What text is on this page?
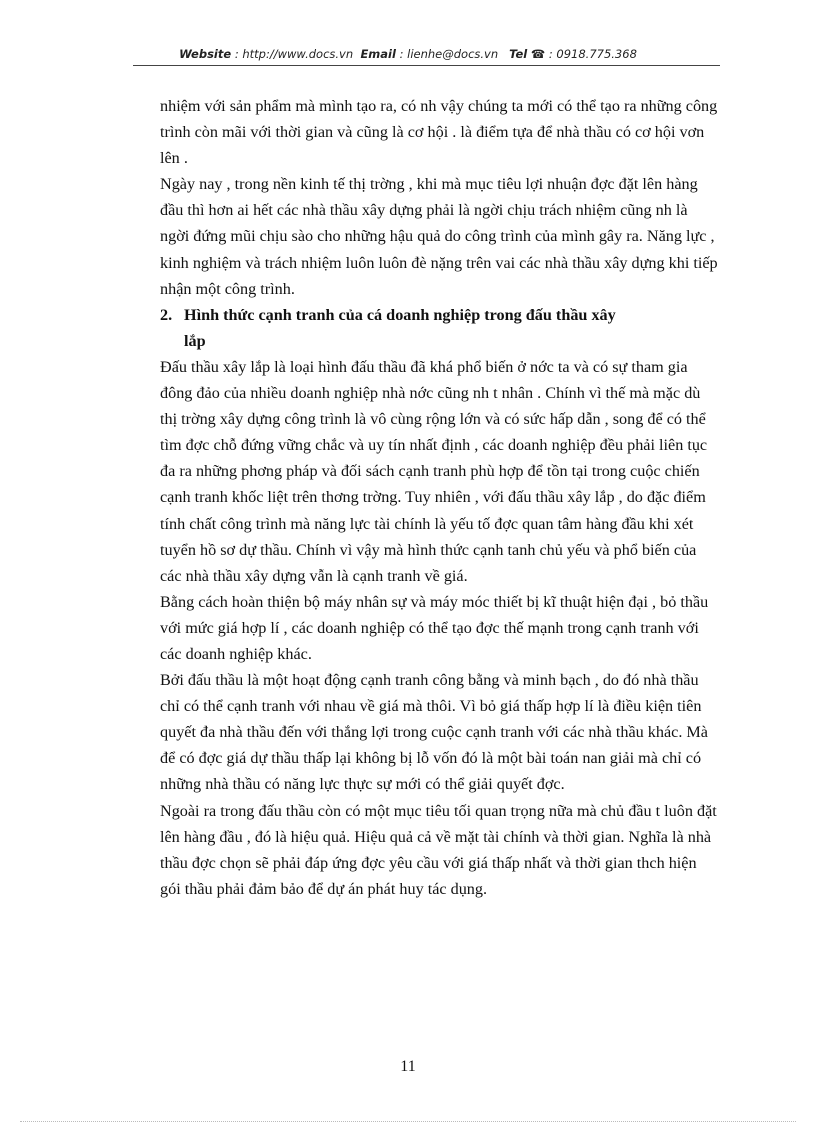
Website : http://www.docs.vn Email : lienhe@docs.vn Tel ☎ : 0918.775.368

nhiệm với sản phẩm mà mình tạo ra, có nh vậy chúng ta mới có thể tạo ra những công trình còn mãi với thời gian và cũng là cơ hội . là điểm tựa để nhà thầu có cơ hội vơn lên .

Ngày nay , trong nền kinh tế thị trờng , khi mà mục tiêu lợi nhuận đợc đặt lên hàng đầu thì hơn ai hết các nhà thầu xây dựng phải là ngời chịu trách nhiệm cũng nh là ngời đứng mũi chịu sào cho những hậu quả do công trình của mình gây ra. Năng lực , kinh nghiệm và trách nhiệm luôn luôn đè nặng trên vai các nhà thầu xây dựng khi tiếp nhận một công trình.

2. Hình thức cạnh tranh của cá doanh nghiệp trong đấu thầu xây
lắp

Đấu thầu xây lắp là loại hình đấu thầu đã khá phổ biến ở nớc ta và có sự tham gia đông đảo của nhiều doanh nghiệp nhà nớc cũng nh t nhân . Chính vì thế mà mặc dù thị trờng xây dựng công trình là vô cùng rộng lớn và có sức hấp dẫn , song để có thể tìm đợc chỗ đứng vững chắc và uy tín nhất định , các doanh nghiệp đều phải liên tục đa ra những phơng pháp và đối sách cạnh tranh phù hợp để tồn tại trong cuộc chiến cạnh tranh khốc liệt trên thơng trờng. Tuy nhiên , với đấu thầu xây lắp , do đặc điểm tính chất công trình mà năng lực tài chính là yếu tố đợc quan tâm hàng đầu khi xét tuyển hồ sơ dự thầu. Chính vì vậy mà hình thức cạnh tanh chủ yếu và phổ biến của các nhà thầu xây dựng vẫn là cạnh tranh về giá.

Bằng cách hoàn thiện bộ máy nhân sự và máy móc thiết bị kĩ thuật hiện đại , bỏ thầu với mức giá hợp lí , các doanh nghiệp có thể tạo đợc thế mạnh trong cạnh tranh với các doanh nghiệp khác.

Bởi đấu thầu là một hoạt động cạnh tranh công bằng và minh bạch , do đó nhà thầu chỉ có thể cạnh tranh với nhau về giá mà thôi. Vì bỏ giá thấp hợp lí là điều kiện tiên quyết đa nhà thầu đến với thắng lợi trong cuộc cạnh tranh với các nhà thầu khác. Mà để có đợc giá dự thầu thấp lại không bị lỗ vốn đó là một bài toán nan giải mà chỉ có những nhà thầu có năng lực thực sự mới có thể giải quyết đợc.

Ngoài ra trong đấu thầu còn có một mục tiêu tối quan trọng nữa mà chủ đầu t luôn đặt lên hàng đầu , đó là hiệu quả. Hiệu quả cả về mặt tài chính và thời gian. Nghĩa là nhà thầu đợc chọn sẽ phải đáp ứng đợc yêu cầu với giá thấp nhất và thời gian thch hiện gói thầu phải đảm bảo để dự án phát huy tác dụng.

11
